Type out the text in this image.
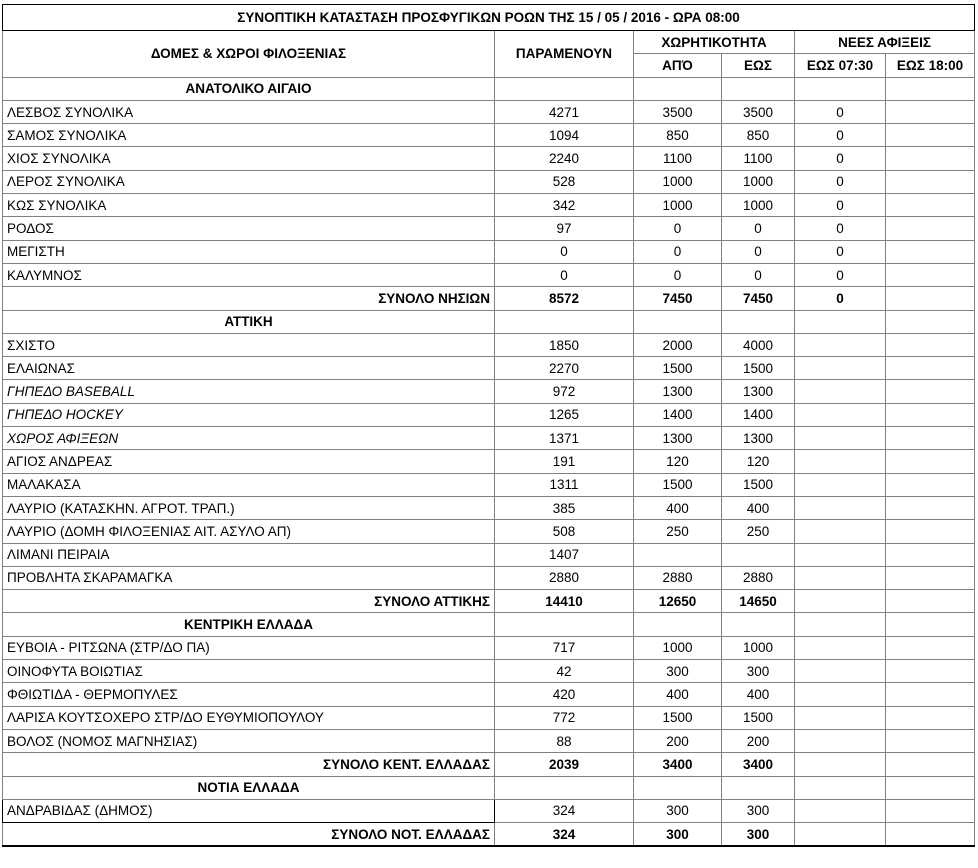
ΣΥΝΟΠΤΙΚΗ ΚΑΤΑΣΤΑΣΗ ΠΡΟΣΦΥΓΙΚΩΝ ΡΟΩΝ ΤΗΣ 15 / 05 / 2016 - ΩΡΑ 08:00					
ΔΟΜΕΣ & ΧΩΡΟΙ ΦΙΛΟΞΕΝΙΑΣ	ΠΑΡΑΜΕΝΟΥΝ	ΧΩΡΗΤΙΚΟΤΗΤΑ		ΝΕΕΣ ΑΦΙΞΕΙΣ	
		ΑΠΌ	ΕΩΣ	ΕΩΣ 07:30	ΕΩΣ 18:00
ΑΝΑΤΟΛΙΚΟ ΑΙΓΑΙΟ					
ΛΕΣΒΟΣ ΣΥΝΟΛΙΚΑ	4271	3500	3500	0	
ΣΑΜΟΣ ΣΥΝΟΛΙΚΑ	1094	850	850	0	
ΧΙΟΣ ΣΥΝΟΛΙΚΑ	2240	1100	1100	0	
ΛΕΡΟΣ ΣΥΝΟΛΙΚΑ	528	1000	1000	0	
ΚΩΣ ΣΥΝΟΛΙΚΑ	342	1000	1000	0	
ΡΟΔΟΣ	97	0	0	0	
ΜΕΓΙΣΤΗ	0	0	0	0	
ΚΑΛΥΜΝΟΣ	0	0	0	0	
ΣΥΝΟΛΟ ΝΗΣΙΩΝ	8572	7450	7450	0	
ΑΤΤΙΚΗ					
ΣΧΙΣΤΟ	1850	2000	4000		
ΕΛΑΙΩΝΑΣ	2270	1500	1500		
ΓΗΠΕΔΟ BASEBALL	972	1300	1300		
ΓΗΠΕΔΟ HOCKEY	1265	1400	1400		
ΧΩΡΟΣ ΑΦΙΞΕΩΝ	1371	1300	1300		
ΑΓΙΟΣ ΑΝΔΡΕΑΣ	191	120	120		
ΜΑΛΑΚΑΣΑ	1311	1500	1500		
ΛΑΥΡΙΟ (ΚΑΤΑΣΚΗΝ. ΑΓΡΟΤ. ΤΡΑΠ.)	385	400	400		
ΛΑΥΡΙΟ (ΔΟΜΗ ΦΙΛΟΞΕΝΙΑΣ ΑΙΤ. ΑΣΥΛΟ ΑΠ)	508	250	250		
ΛΙΜΑΝΙ ΠΕΙΡΑΙΑ	1407				
ΠΡΟΒΛΗΤΑ ΣΚΑΡΑΜΑΓΚΑ	2880	2880	2880		
ΣΥΝΟΛΟ ΑΤΤΙΚΗΣ	14410	12650	14650		
ΚΕΝΤΡΙΚΗ ΕΛΛΑΔΑ					
ΕΥΒΟΙΑ - ΡΙΤΣΩΝΑ (ΣΤΡ/ΔΟ ΠΑ)	717	1000	1000		
ΟΙΝΟΦΥΤΑ ΒΟΙΩΤΙΑΣ	42	300	300		
ΦΘΙΩΤΙΔΑ - ΘΕΡΜΟΠΥΛΕΣ	420	400	400		
ΛΑΡΙΣΑ ΚΟΥΤΣΟΧΕΡΟ ΣΤΡ/ΔΟ ΕΥΘΥΜΙΟΠΟΥΛΟΥ	772	1500	1500		
ΒΟΛΟΣ (ΝΟΜΟΣ ΜΑΓΝΗΣΙΑΣ)	88	200	200		
ΣΥΝΟΛΟ ΚΕΝΤ. ΕΛΛΑΔΑΣ	2039	3400	3400		
ΝΟΤΙΑ ΕΛΛΑΔΑ					
ΑΝΔΡΑΒΙΔΑΣ (ΔΗΜΟΣ)	324	300	300		
ΣΥΝΟΛΟ ΝΟΤ. ΕΛΛΑΔΑΣ	324	300	300		
